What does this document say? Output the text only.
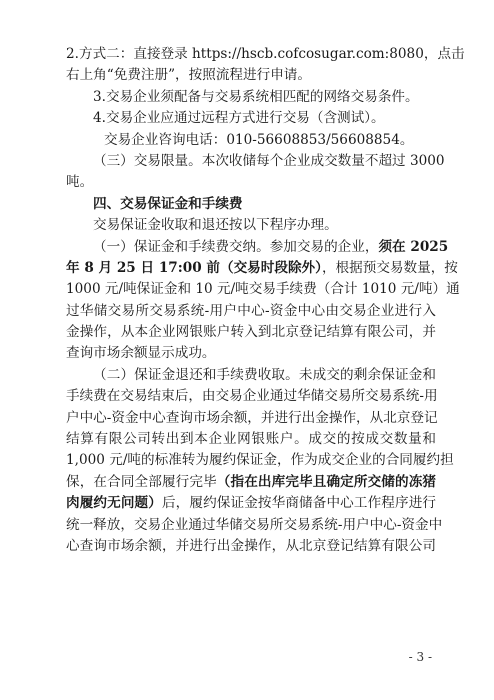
2.方式二：直接登录 https://hscb.cofcosugar.com:8080，点击
右上角“免费注册”，按照流程进行申请。
3.交易企业须配备与交易系统相匹配的网络交易条件。
4.交易企业应通过远程方式进行交易（含测试）。
交易企业咨询电话：010-56608853/56608854。
（三）交易限量。本次收储每个企业成交数量不超过 3000
吨。
四、交易保证金和手续费
交易保证金收取和退还按以下程序办理。
（一）保证金和手续费交纳。参加交易的企业，须在 2025
年 8 月 25 日 17:00 前（交易时段除外），根据预交易数量，按
1000 元/吨保证金和 10 元/吨交易手续费（合计 1010 元/吨）通
过华储交易所交易系统-用户中心-资金中心由交易企业进行入
金操作，从本企业网银账户转入到北京登记结算有限公司，并
查询市场余额显示成功。
（二）保证金退还和手续费收取。未成交的剩余保证金和
手续费在交易结束后，由交易企业通过华储交易所交易系统-用
户中心-资金中心查询市场余额，并进行出金操作，从北京登记
结算有限公司转出到本企业网银账户。成交的按成交数量和
1,000 元/吨的标准转为履约保证金，作为成交企业的合同履约担
保，在合同全部履行完毕（指在出库完毕且确定所交储的冻猪
肉履约无问题）后，履约保证金按华商储备中心工作程序进行
统一释放，交易企业通过华储交易所交易系统-用户中心-资金中
心查询市场余额，并进行出金操作，从北京登记结算有限公司
- 3 -
